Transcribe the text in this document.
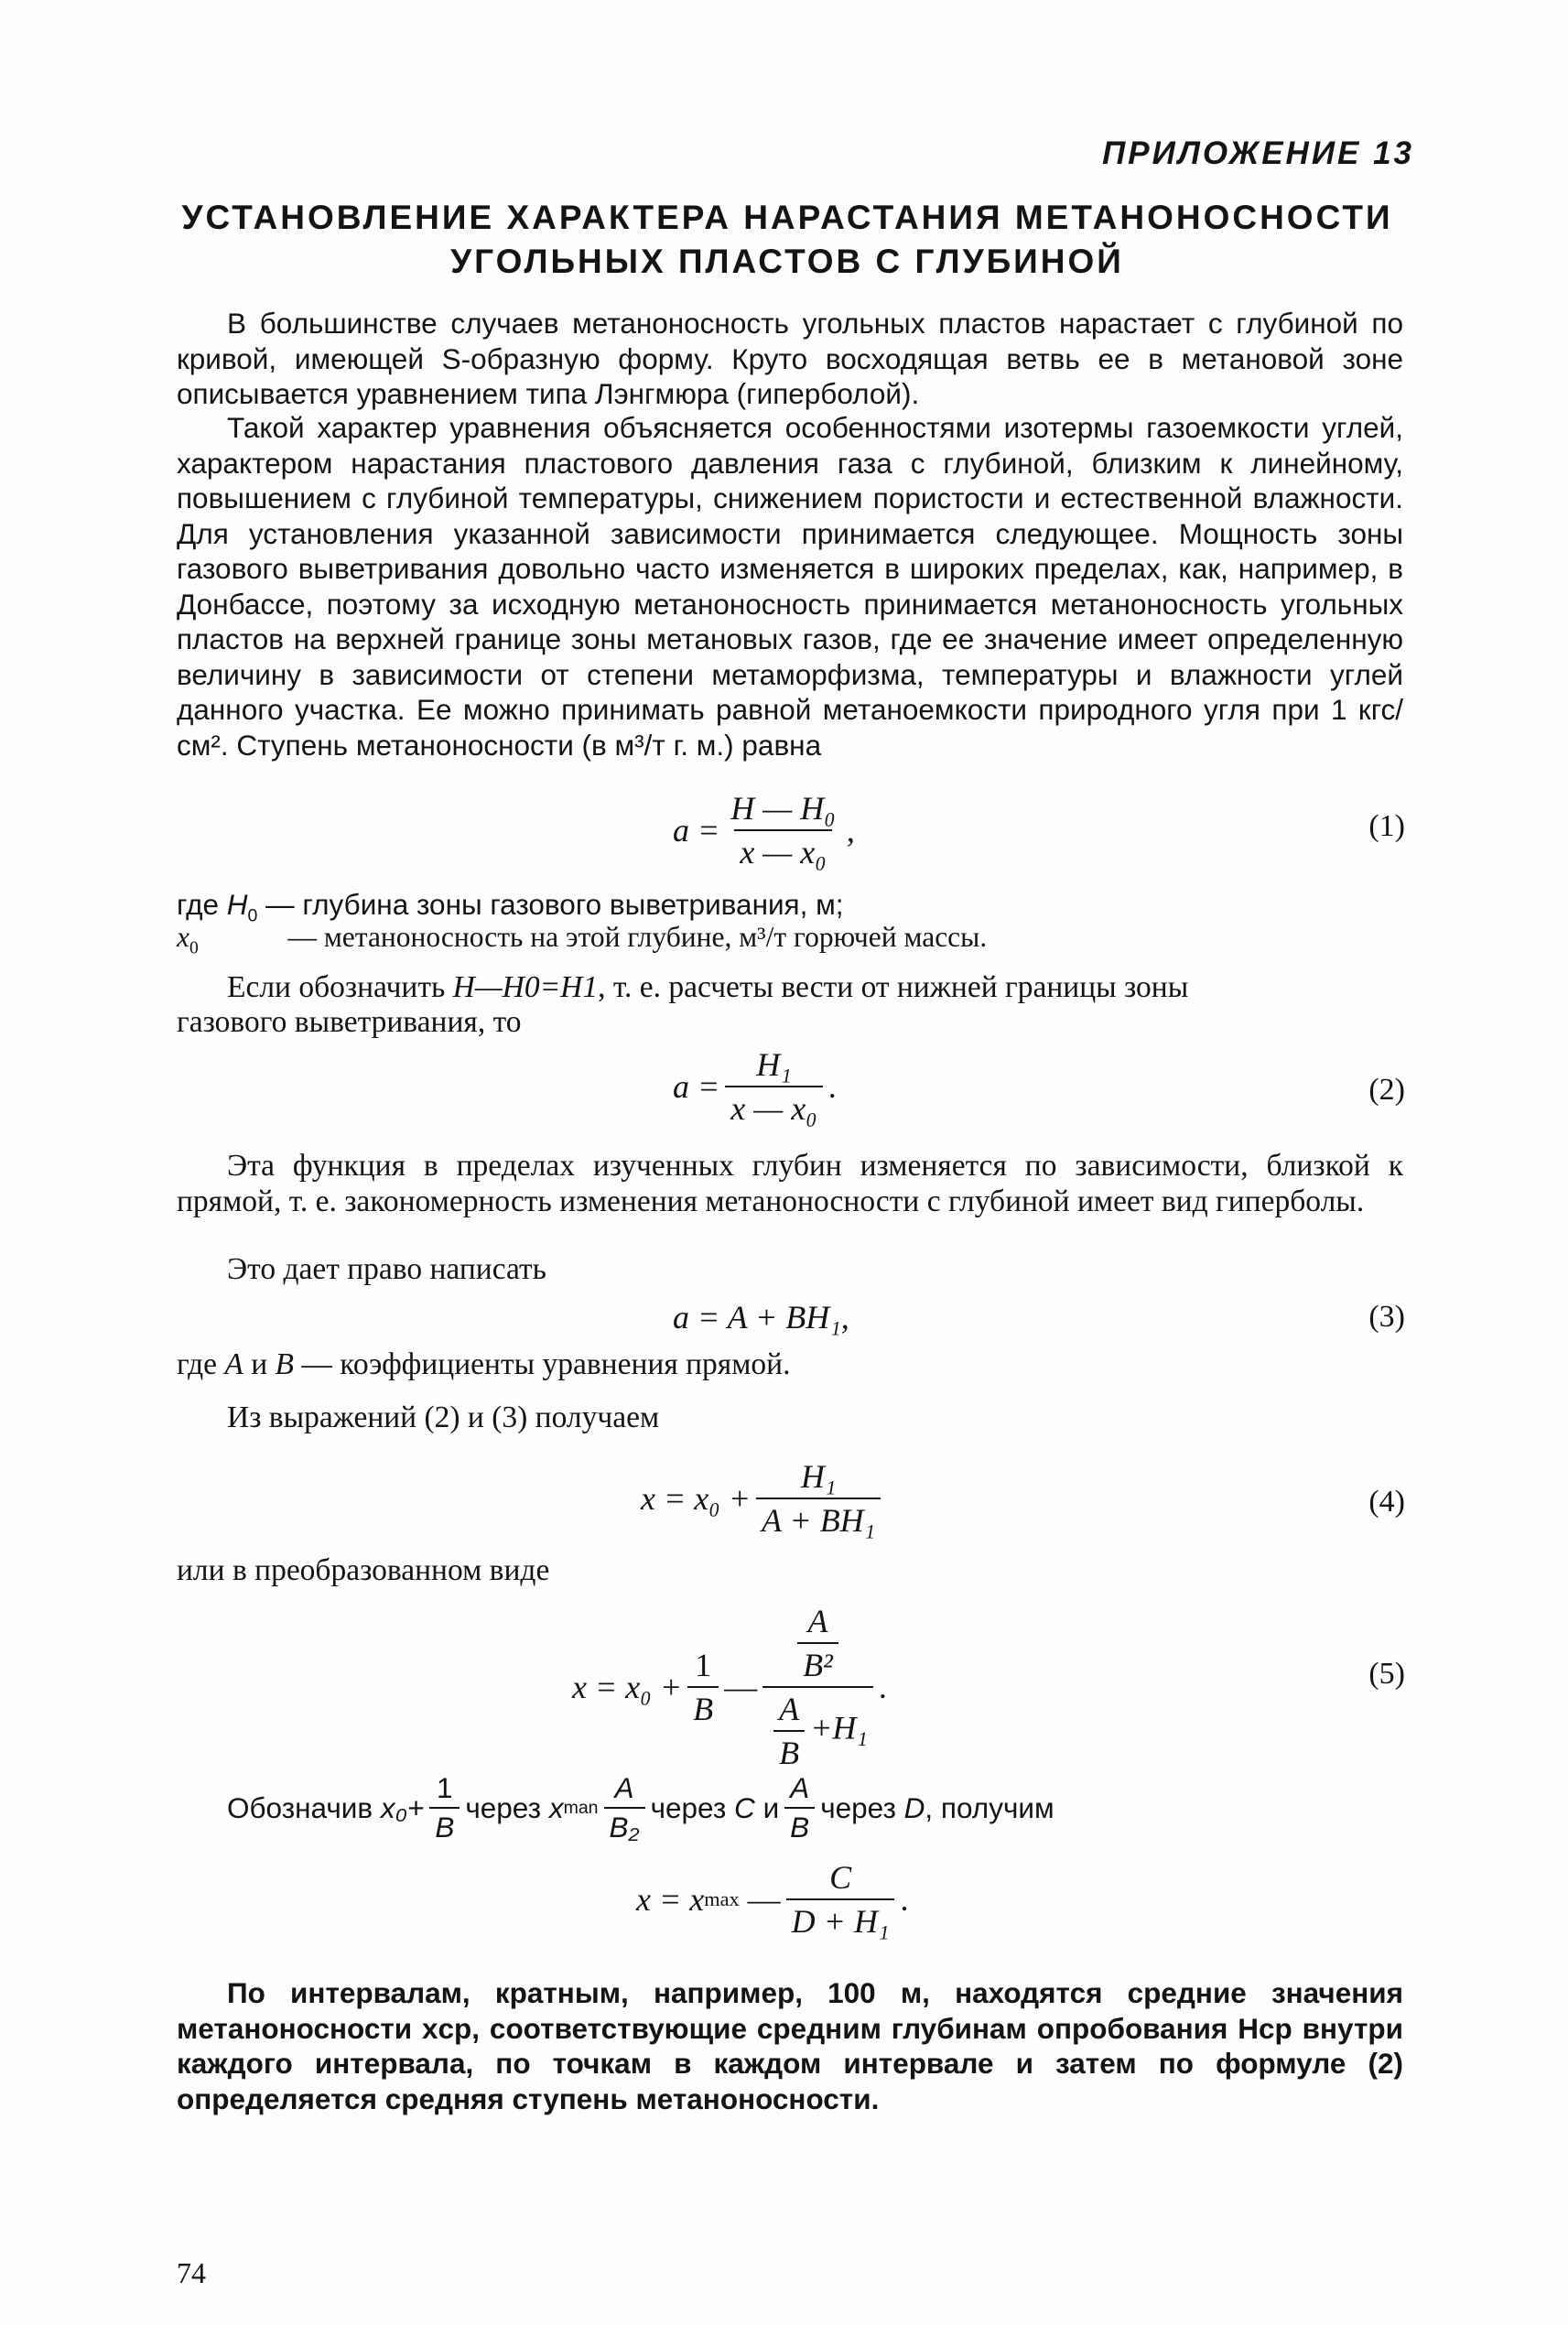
ПРИЛОЖЕНИЕ 13
УСТАНОВЛЕНИЕ ХАРАКТЕРА НАРАСТАНИЯ МЕТАНОНОСНОСТИ
УГОЛЬНЫХ ПЛАСТОВ С ГЛУБИНОЙ
В большинстве случаев метаноносность угольных пластов нарастает с глубиной по кривой, имеющей S-образную форму. Круто восходящая ветвь ее в метановой зоне описывается уравнением типа Лэнгмюра (гиперболой).
Такой характер уравнения объясняется особенностями изотермы газоемкости углей, характером нарастания пластового давления газа с глубиной, близким к линейному, повышением с глубиной температуры, снижением пористости и естественной влажности. Для установления указанной зависимости принимается следующее. Мощность зоны газового выветривания довольно часто изменяется в широких пределах, как, например, в Донбассе, поэтому за исходную метаноносность принимается метаноносность угольных пластов на верхней границе зоны метановых газов, где ее значение имеет определенную величину в зависимости от степени метаморфизма, температуры и влажности углей данного участка. Ее можно принимать равной метаноемкости природного угля при 1 кгс/см². Ступень метаноносности (в м³/т г. м.) равна
$a = \frac{\text{H — H₀}}{\text{x — x₀}}$ ,	(1)
где $H_0$ — глубина зоны газового выветривания, м;
$x_0$	— метаноносность на этой глубине, м³/т горючей массы.
Если обозначить H—H0=H1, т. е. расчеты вести от нижней границы зоны
газового выветривания, то
$a = \frac{\text{H₁}}{\text{x — x₀}}$ .	(2)
Эта функция в пределах изученных глубин изменяется по зависимости, близкой к прямой, т. е. закономерность изменения метаноносности с глубиной имеет вид гиперболы.
Это дает право написать
a = A + BH₁,	(3)
где A и B — коэффициенты уравнения прямой.
Из выражений (2) и (3) получаем
$x = x_0 + \frac{\text{H₁}}{\text{A + BH₁}}$	(4)
или в преобразованном виде
$x = x_0 + \frac{1}{B}$ — $\frac{\frac{A}{\text{B²}}}{\frac{A}{B} +H_1}$ .	(5)
Обозначив
$x_0+ \frac{1}{B}$ через
x man $\frac{A}{\text{B₂}}$ через
C
и $\frac{A}{B}$ через
D , получим
x = x max
— $\frac{C}{\text{D + H₁}}$ .
По интервалам, кратным, например, 100 м, находятся средние значения метаноносности xср, соответствующие средним глубинам опробования Hср внутри каждого интервала, по точкам в каждом интервале и затем по формуле (2) определяется средняя ступень метаноносности.
74
